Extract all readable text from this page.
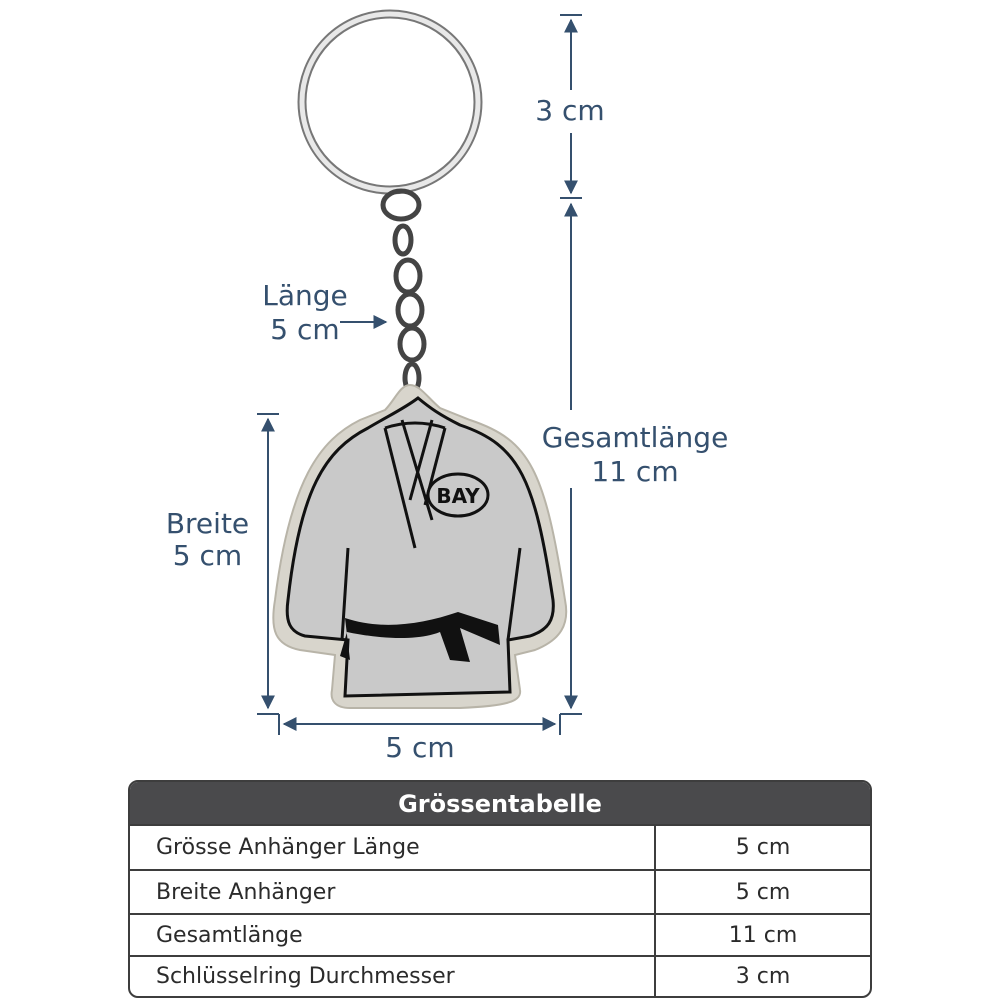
BAY
3 cm
Länge
5 cm
Gesamtlänge
11 cm
Breite
5 cm
5 cm
Grössentabelle
Grösse Anhänger Länge	5 cm
Breite Anhänger	5 cm
Gesamtlänge	11 cm
Schlüsselring Durchmesser	3 cm
